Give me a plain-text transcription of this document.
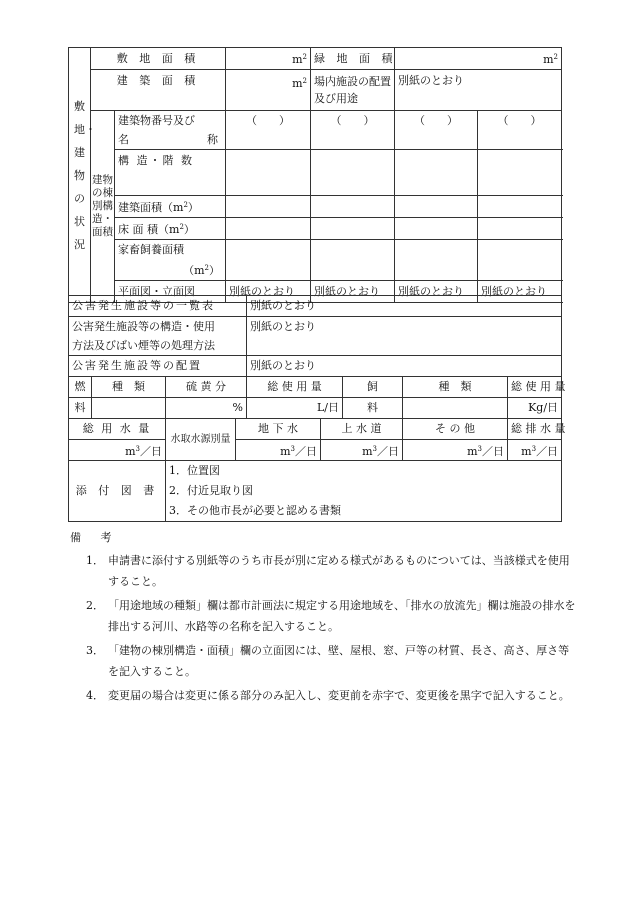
敷地・建物の状況	敷 地 面 積		$m^2$	緑 地 面 積	$m^2$
	建 築 面 積		$m^2$	場内施設の配置及び用途	別紙のとおり	
	建物の棟別構造・面積	建築物番号及び
名 称	（　　）	（　　）	（　　）	（　　）
		構 造・階 数				
		建築面積$(m^2)$				
		床 面 積$(m^2)$				

		家畜飼養面積
$(m^2)$				

		平面図・立面図	別紙のとおり	別紙のとおり	別紙のとおり	別紙のとおり
公害発生施設等の一覧表				別紙のとおり				

公害発生施設等の構造・使用
方法及びばい煙等の処理方法				別紙のとおり				
公害発生施設等の配置				別紙のとおり				
燃	種　類	硫 黄 分		総 使 用 量		飼	種　類	総 使 用 量
料		%		L/日		料		Kg/日
総 用 水 量		水取水源別量	地 下 水		上 水 道		そ の 他	総 排 水 量
$m^3/$日			$m^3/$日		$m^3/$日		$m^3/$日	$m^3/$日
添 付 図 書		1．位置図						
		2．付近見取り図						
		3．その他市長が必要と認める書類						
備 考
1． 申請書に添付する別紙等のうち市長が別に定める様式があるものについては、当該様式を使用すること。
2． 「用途地域の種類」欄は都市計画法に規定する用途地域を、「排水の放流先」欄は施設の排水を排出する河川、水路等の名称を記入すること。
3． 「建物の棟別構造・面積」欄の立面図には、壁、屋根、窓、戸等の材質、長さ、高さ、厚さ等を記入すること。
4． 変更届の場合は変更に係る部分のみ記入し、変更前を赤字で、変更後を黒字で記入すること。
